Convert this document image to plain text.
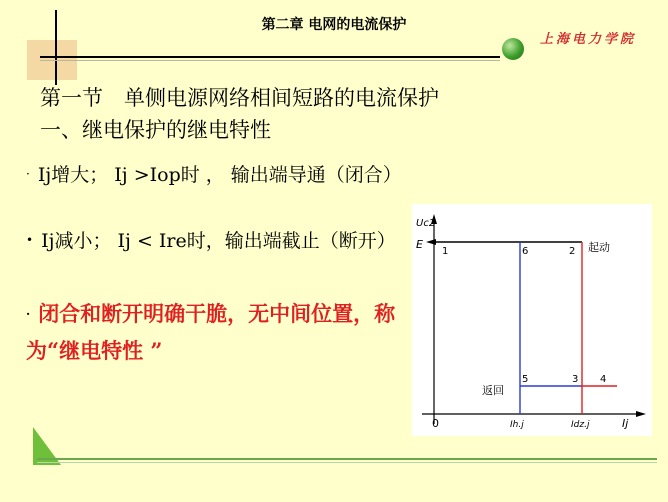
第二章 电网的电流保护
上海电力学院
第一节　单侧电源网络相间短路的电流保护
一、继电保护的继电特性
· Ij增大； Ij >Iop时 ， 输出端导通（闭合）
• Ij减小； Ij < Ire时，输出端截止（断开）
· 闭合和断开明确干脆，无中间位置，称为“继电特性 ”
Uc2
E
0	Ij
Ih.j	Idz.j
1	6	2
5	3 4
起动
返回
